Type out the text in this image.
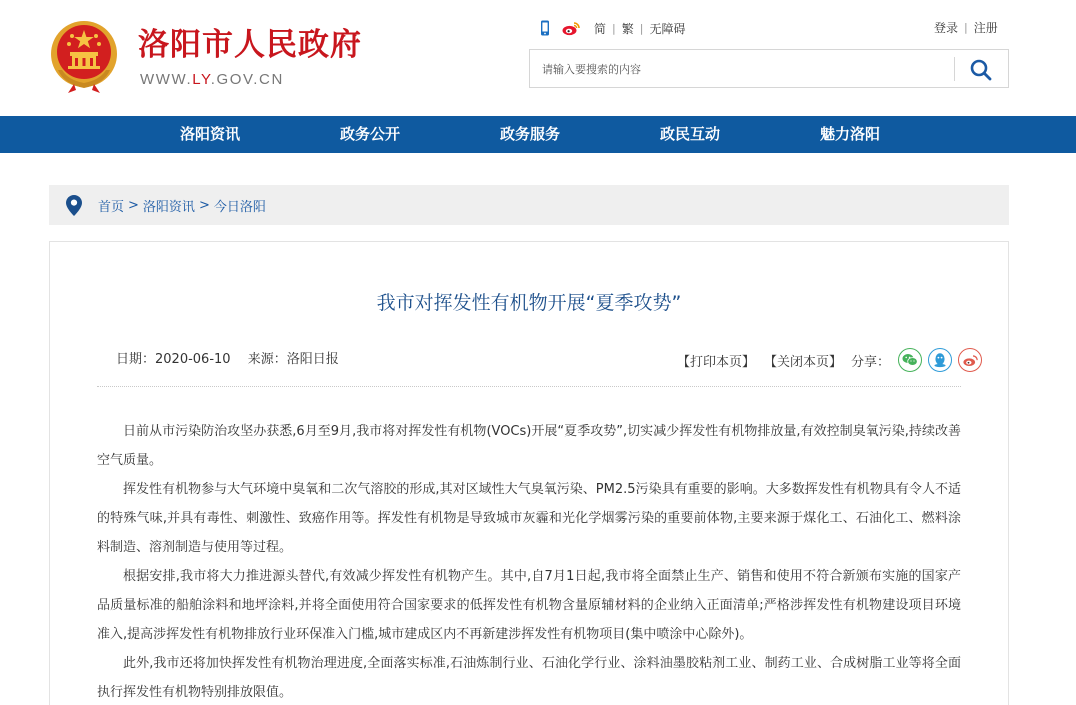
洛阳市人民政府
WWW.LY.GOV.CN
简 | 繁 | 无障碍	登录 | 注册
请输入要搜索的内容
洛阳资讯	政务公开	政务服务	政民互动	魅力洛阳
首页 > 洛阳资讯 > 今日洛阳
我市对挥发性有机物开展“夏季攻势”
日期：2020-06-10 来源：洛阳日报	【打印本页】 【关闭本页】 分享：

日前从市污染防治攻坚办获悉,6月至9月,我市将对挥发性有机物(VOCs)开展“夏季攻势”,切实减少挥发性有机物排放量,有效控制臭氧污染,持续改善空气质量。

挥发性有机物参与大气环境中臭氧和二次气溶胶的形成,其对区域性大气臭氧污染、PM2.5污染具有重要的影响。大多数挥发性有机物具有令人不适的特殊气味,并具有毒性、刺激性、致癌作用等。挥发性有机物是导致城市灰霾和光化学烟雾污染的重要前体物,主要来源于煤化工、石油化工、燃料涂料制造、溶剂制造与使用等过程。

根据安排,我市将大力推进源头替代,有效减少挥发性有机物产生。其中,自7月1日起,我市将全面禁止生产、销售和使用不符合新颁布实施的国家产品质量标准的船舶涂料和地坪涂料,并将全面使用符合国家要求的低挥发性有机物含量原辅材料的企业纳入正面清单;严格涉挥发性有机物建设项目环境准入,提高涉挥发性有机物排放行业环保准入门槛,城市建成区内不再新建涉挥发性有机物项目(集中喷涂中心除外)。

此外,我市还将加快挥发性有机物治理进度,全面落实标准,石油炼制行业、石油化学行业、涂料油墨胶粘剂工业、制药工业、合成树脂工业等将全面执行挥发性有机物特别排放限值。
